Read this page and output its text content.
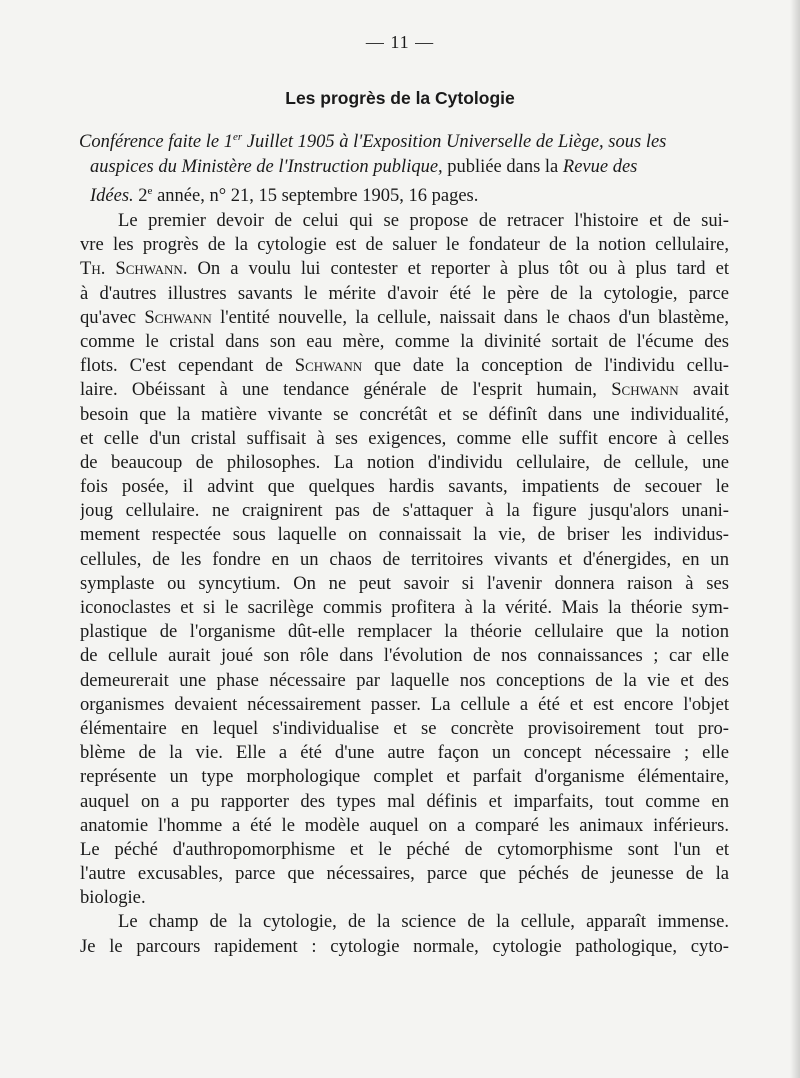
— 11 —
Les progrès de la Cytologie
Conférence faite le 1er Juillet 1905 à l'Exposition Universelle de Liège, sous les
auspices du Ministère de l'Instruction publique, publiée dans la Revue des
Idées. 2e année, n° 21, 15 septembre 1905, 16 pages.
Le premier devoir de celui qui se propose de retracer l'histoire et de sui-
vre les progrès de la cytologie est de saluer le fondateur de la notion cellulaire,
Th. Schwann. On a voulu lui contester et reporter à plus tôt ou à plus tard et
à d'autres illustres savants le mérite d'avoir été le père de la cytologie, parce
qu'avec Schwann l'entité nouvelle, la cellule, naissait dans le chaos d'un blastème,
comme le cristal dans son eau mère, comme la divinité sortait de l'écume des
flots. C'est cependant de Schwann que date la conception de l'individu cellu-
laire. Obéissant à une tendance générale de l'esprit humain, Schwann avait
besoin que la matière vivante se concrétât et se définît dans une individualité,
et celle d'un cristal suffisait à ses exigences, comme elle suffit encore à celles
de beaucoup de philosophes. La notion d'individu cellulaire, de cellule, une
fois posée, il advint que quelques hardis savants, impatients de secouer le
joug cellulaire. ne craignirent pas de s'attaquer à la figure jusqu'alors unani-
mement respectée sous laquelle on connaissait la vie, de briser les individus-
cellules, de les fondre en un chaos de territoires vivants et d'énergides, en un
symplaste ou syncytium. On ne peut savoir si l'avenir donnera raison à ses
iconoclastes et si le sacrilège commis profitera à la vérité. Mais la théorie sym-
plastique de l'organisme dût-elle remplacer la théorie cellulaire que la notion
de cellule aurait joué son rôle dans l'évolution de nos connaissances ; car elle
demeurerait une phase nécessaire par laquelle nos conceptions de la vie et des
organismes devaient nécessairement passer. La cellule a été et est encore l'objet
élémentaire en lequel s'individualise et se concrète provisoirement tout pro-
blème de la vie. Elle a été d'une autre façon un concept nécessaire ; elle
représente un type morphologique complet et parfait d'organisme élémentaire,
auquel on a pu rapporter des types mal définis et imparfaits, tout comme en
anatomie l'homme a été le modèle auquel on a comparé les animaux inférieurs.
Le péché d'authropomorphisme et le péché de cytomorphisme sont l'un et
l'autre excusables, parce que nécessaires, parce que péchés de jeunesse de la
biologie.
Le champ de la cytologie, de la science de la cellule, apparaît immense.
Je le parcours rapidement : cytologie normale, cytologie pathologique, cyto-
